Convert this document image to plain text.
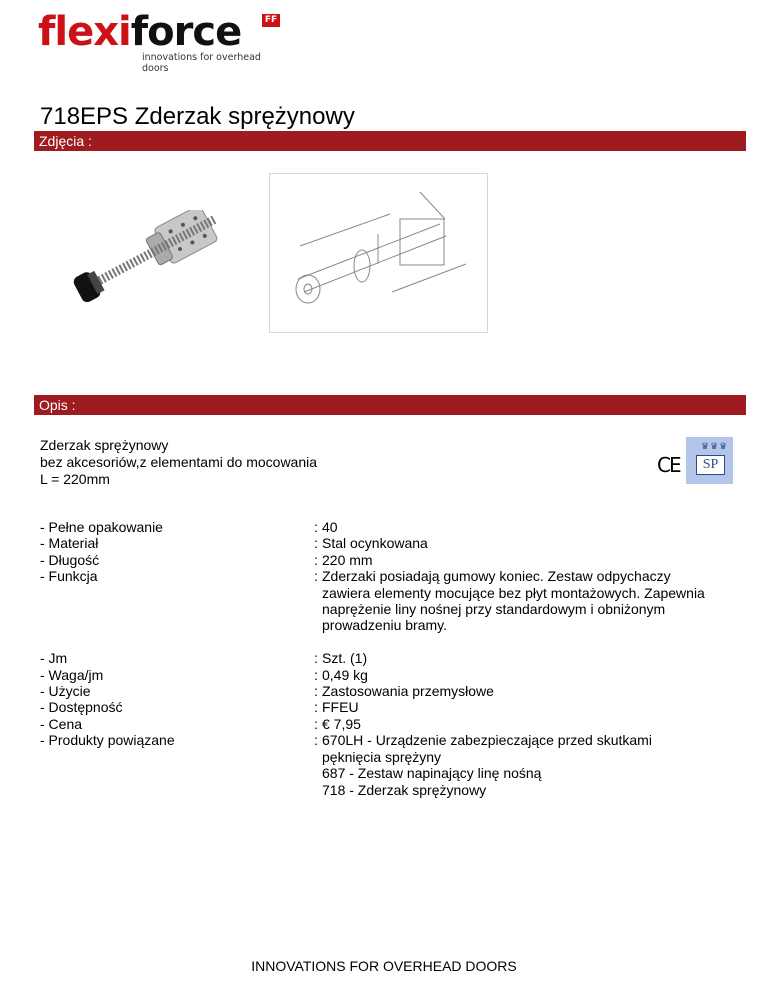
flexiforce	FF
innovations for overhead doors
718EPS Zderzak sprężynowy
Zdjęcia :
Opis :
Zderzak sprężynowy
bez akcesoriów,z elementami do mocowania
L = 220mm
CE
♛♛♛
SP
- Pełne opakowanie	: 40
- Materiał	: Stal ocynkowana
- Długość	: 220 mm
- Funkcja	: Zderzaki posiadają gumowy koniec. Zestaw odpychaczy
zawiera elementy mocujące bez płyt montażowych. Zapewnia
naprężenie liny nośnej przy standardowym i obniżonym
prowadzeniu bramy.

- Jm	: Szt. (1)
- Waga/jm	: 0,49 kg
- Użycie	: Zastosowania przemysłowe
- Dostępność	: FFEU
- Cena	: € 7,95
- Produkty powiązane	: 670LH - Urządzenie zabezpieczające przed skutkami
pęknięcia sprężyny
687 - Zestaw napinający linę nośną
718 - Zderzak sprężynowy
INNOVATIONS FOR OVERHEAD DOORS
